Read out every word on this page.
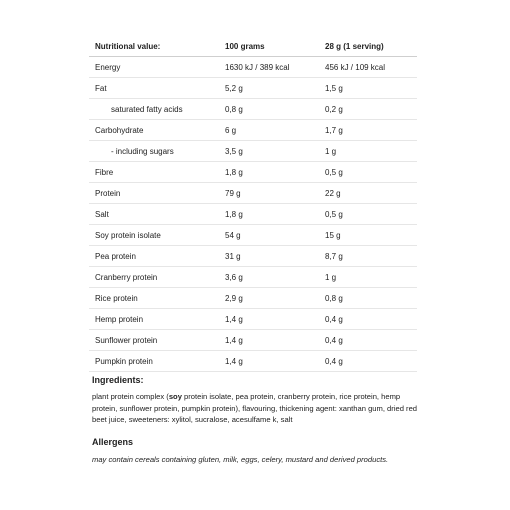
Nutritional value:	100 grams	28 g (1 serving)
Energy	1630 kJ / 389 kcal	456 kJ / 109 kcal
Fat	5,2 g	1,5 g
saturated fatty acids	0,8 g	0,2 g
Carbohydrate	6 g	1,7 g
- including sugars	3,5 g	1 g
Fibre	1,8 g	0,5 g
Protein	79 g	22 g
Salt	1,8 g	0,5 g
Soy protein isolate	54 g	15 g
Pea protein	31 g	8,7 g
Cranberry protein	3,6 g	1 g
Rice protein	2,9 g	0,8 g
Hemp protein	1,4 g	0,4 g
Sunflower protein	1,4 g	0,4 g
Pumpkin protein	1,4 g	0,4 g
Ingredients:

plant protein complex (soy protein isolate, pea protein, cranberry protein, rice protein, hemp protein, sunflower protein, pumpkin protein), flavouring, thickening agent: xanthan gum, dried red beet juice, sweeteners: xylitol, sucralose, acesulfame k, salt

Allergens

may contain cereals containing gluten, milk, eggs, celery, mustard and derived products.
